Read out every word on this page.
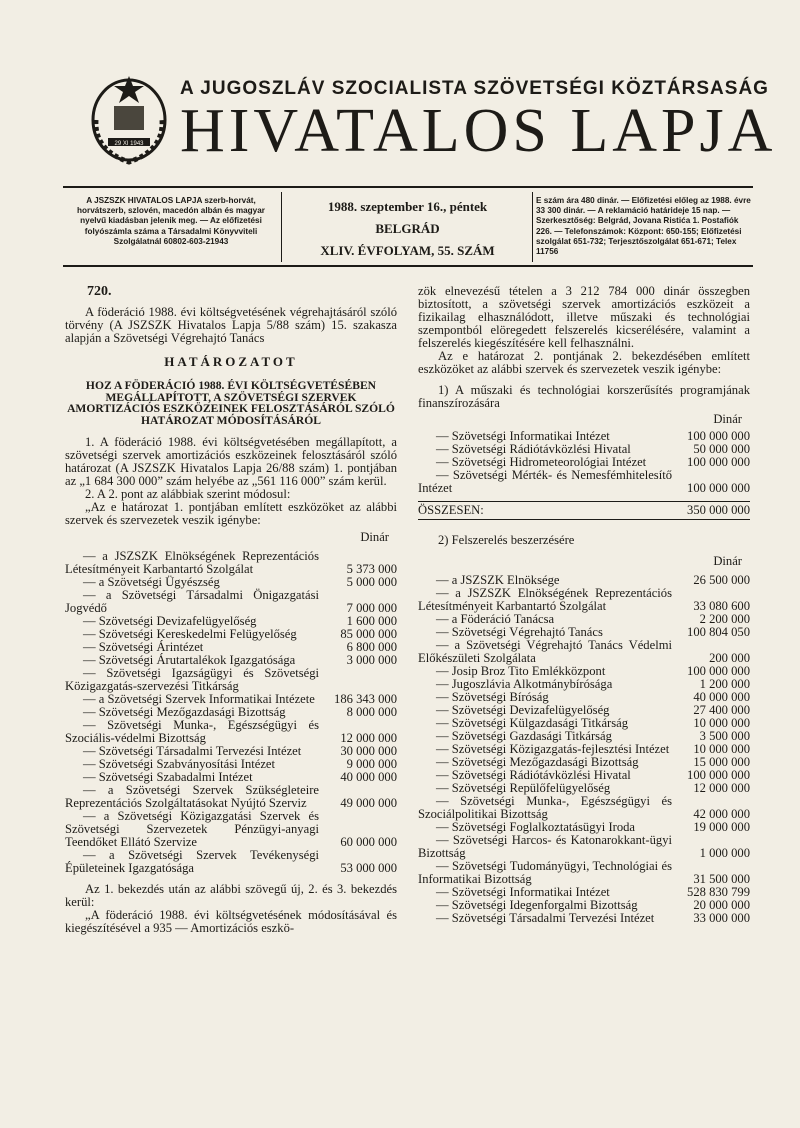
29 XI 1943
A JUGOSZLÁV SZOCIALISTA SZÖVETSÉGI KÖZTÁRSASÁG
HIVATALOS LAPJA
A JSZSZK HIVATALOS LAPJA szerb-horvát, horvátszerb, szlovén, macedón albán és magyar nyelvű kiadásban jelenik meg. — Az előfizetési folyószámla száma a Társadalmi Könyvviteli Szolgálatnál 60802-603-21943
1988. szeptember 16., péntek
BELGRÁD
XLIV. ÉVFOLYAM, 55. SZÁM
E szám ára 480 dinár. — Előfizetési előleg az 1988. évre 33 300 dinár. — A reklamáció határideje 15 nap. — Szerkesztőség: Belgrád, Jovana Ristića 1. Postafiók 226. — Telefonszámok: Központ: 650-155; Előfizetési szolgálat 651-732; Terjesztőszolgálat 651-671; Telex 11756

720.

A föderáció 1988. évi költségvetésének végrehajtásáról szóló törvény (A JSZSZK Hivatalos Lapja 5/88 szám) 15. szakasza alapján a Szövetségi Végrehajtó Tanács

HATÁROZATOT
HOZ A FÖDERÁCIÓ 1988. ÉVI KÖLTSÉGVETÉSÉBEN MEGÁLLAPÍTOTT, A SZÖVETSÉGI SZERVEK AMORTIZÁCIÓS ESZKÖZEINEK FELOSZTÁSÁRÓL SZÓLÓ HATÁROZAT MÓDOSÍTÁSÁRÓL

1. A föderáció 1988. évi költségvetésében megállapított, a szövetségi szervek amortizációs eszközeinek felosztásáról szóló határozat (A JSZSZK Hivatalos Lapja 26/88 szám) 1. pontjában az „1 684 300 000” szám helyébe az „561 116 000” szám kerül.

2. A 2. pont az alábbiak szerint módosul:

„Az e határozat 1. pontjában említett eszközöket az alábbi szervek és szervezetek veszik igénybe:

Dinár
— a JSZSZK Elnökségének Reprezentációs Létesítményeit Karbantartó Szolgálat	5 373 000
— a Szövetségi Ügyészség	5 000 000
— a Szövetségi Társadalmi Önigazgatási Jogvédő	7 000 000
— Szövetségi Devizafelügyelőség	1 600 000
— Szövetségi Kereskedelmi Felügyelőség	85 000 000
— Szövetségi Árintézet	6 800 000
— Szövetségi Árutartalékok Igazgatósága	3 000 000
— Szövetségi Igazságügyi és Szövetségi Közigazgatás-szervezési Titkárság
— a Szövetségi Szervek Informatikai Intézete	186 343 000
— Szövetségi Mezőgazdasági Bizottság	8 000 000
— Szövetségi Munka-, Egészségügyi és Szociális-védelmi Bizottság	12 000 000
— Szövetségi Társadalmi Tervezési Intézet	30 000 000
— Szövetségi Szabványosítási Intézet	9 000 000
— Szövetségi Szabadalmi Intézet	40 000 000
— a Szövetségi Szervek Szükségleteire Reprezentációs Szolgáltatásokat Nyújtó Szerviz	49 000 000
— a Szövetségi Közigazgatási Szervek és Szövetségi Szervezetek Pénzügyi-anyagi Teendőket Ellátó Szervize	60 000 000
— a Szövetségi Szervek Tevékenységi Épületeinek Igazgatósága	53 000 000

Az 1. bekezdés után az alábbi szövegű új, 2. és 3. bekezdés kerül:

„A föderáció 1988. évi költségvetésének módosításával és kiegészítésével a 935 — Amortizációs eszkö-

zök elnevezésű tételen a 3 212 784 000 dinár összegben biztosított, a szövetségi szervek amortizációs eszközeit a fizikailag elhasználódott, illetve műszaki és technológiai szempontból elöregedett felszerelés kicserélésére, valamint a felszerelés kiegészítésére kell felhasználni.

Az e határozat 2. pontjának 2. bekezdésében említett eszközöket az alábbi szervek és szervezetek veszik igénybe:

1) A műszaki és technológiai korszerűsítés programjának finanszírozására

Dinár
— Szövetségi Informatikai Intézet	100 000 000
— Szövetségi Rádiótávközlési Hivatal	50 000 000
— Szövetségi Hidrometeorológiai Intézet	100 000 000
— Szövetségi Mérték- és Nemesfémhitelesítő Intézet	100 000 000
ÖSSZESEN:	350 000 000

2) Felszerelés beszerzésére

Dinár
— a JSZSZK Elnöksége	26 500 000
— a JSZSZK Elnökségének Reprezentációs Létesítményeit Karbantartó Szolgálat	33 080 600
— a Föderáció Tanácsa	2 200 000
— Szövetségi Végrehajtó Tanács	100 804 050
— a Szövetségi Végrehajtó Tanács Védelmi Előkészületi Szolgálata	200 000
— Josip Broz Tito Emlékközpont	100 000 000
— Jugoszlávia Alkotmánybírósága	1 200 000
— Szövetségi Bíróság	40 000 000
— Szövetségi Devizafelügyelőség	27 400 000
— Szövetségi Külgazdasági Titkárság	10 000 000
— Szövetségi Gazdasági Titkárság	3 500 000
— Szövetségi Közigazgatás-fejlesztési Intézet	10 000 000
— Szövetségi Mezőgazdasági Bizottság	15 000 000
— Szövetségi Rádiótávközlési Hivatal	100 000 000
— Szövetségi Repülőfelügyelőség	12 000 000
— Szövetségi Munka-, Egészségügyi és Szociálpolitikai Bizottság	42 000 000
— Szövetségi Foglalkoztatásügyi Iroda	19 000 000
— Szövetségi Harcos- és Katonarokkant-ügyi Bizottság	1 000 000
— Szövetségi Tudományügyi, Technológiai és Informatikai Bizottság	31 500 000
— Szövetségi Informatikai Intézet	528 830 799
— Szövetségi Idegenforgalmi Bizottság	20 000 000
— Szövetségi Társadalmi Tervezési Intézet	33 000 000
